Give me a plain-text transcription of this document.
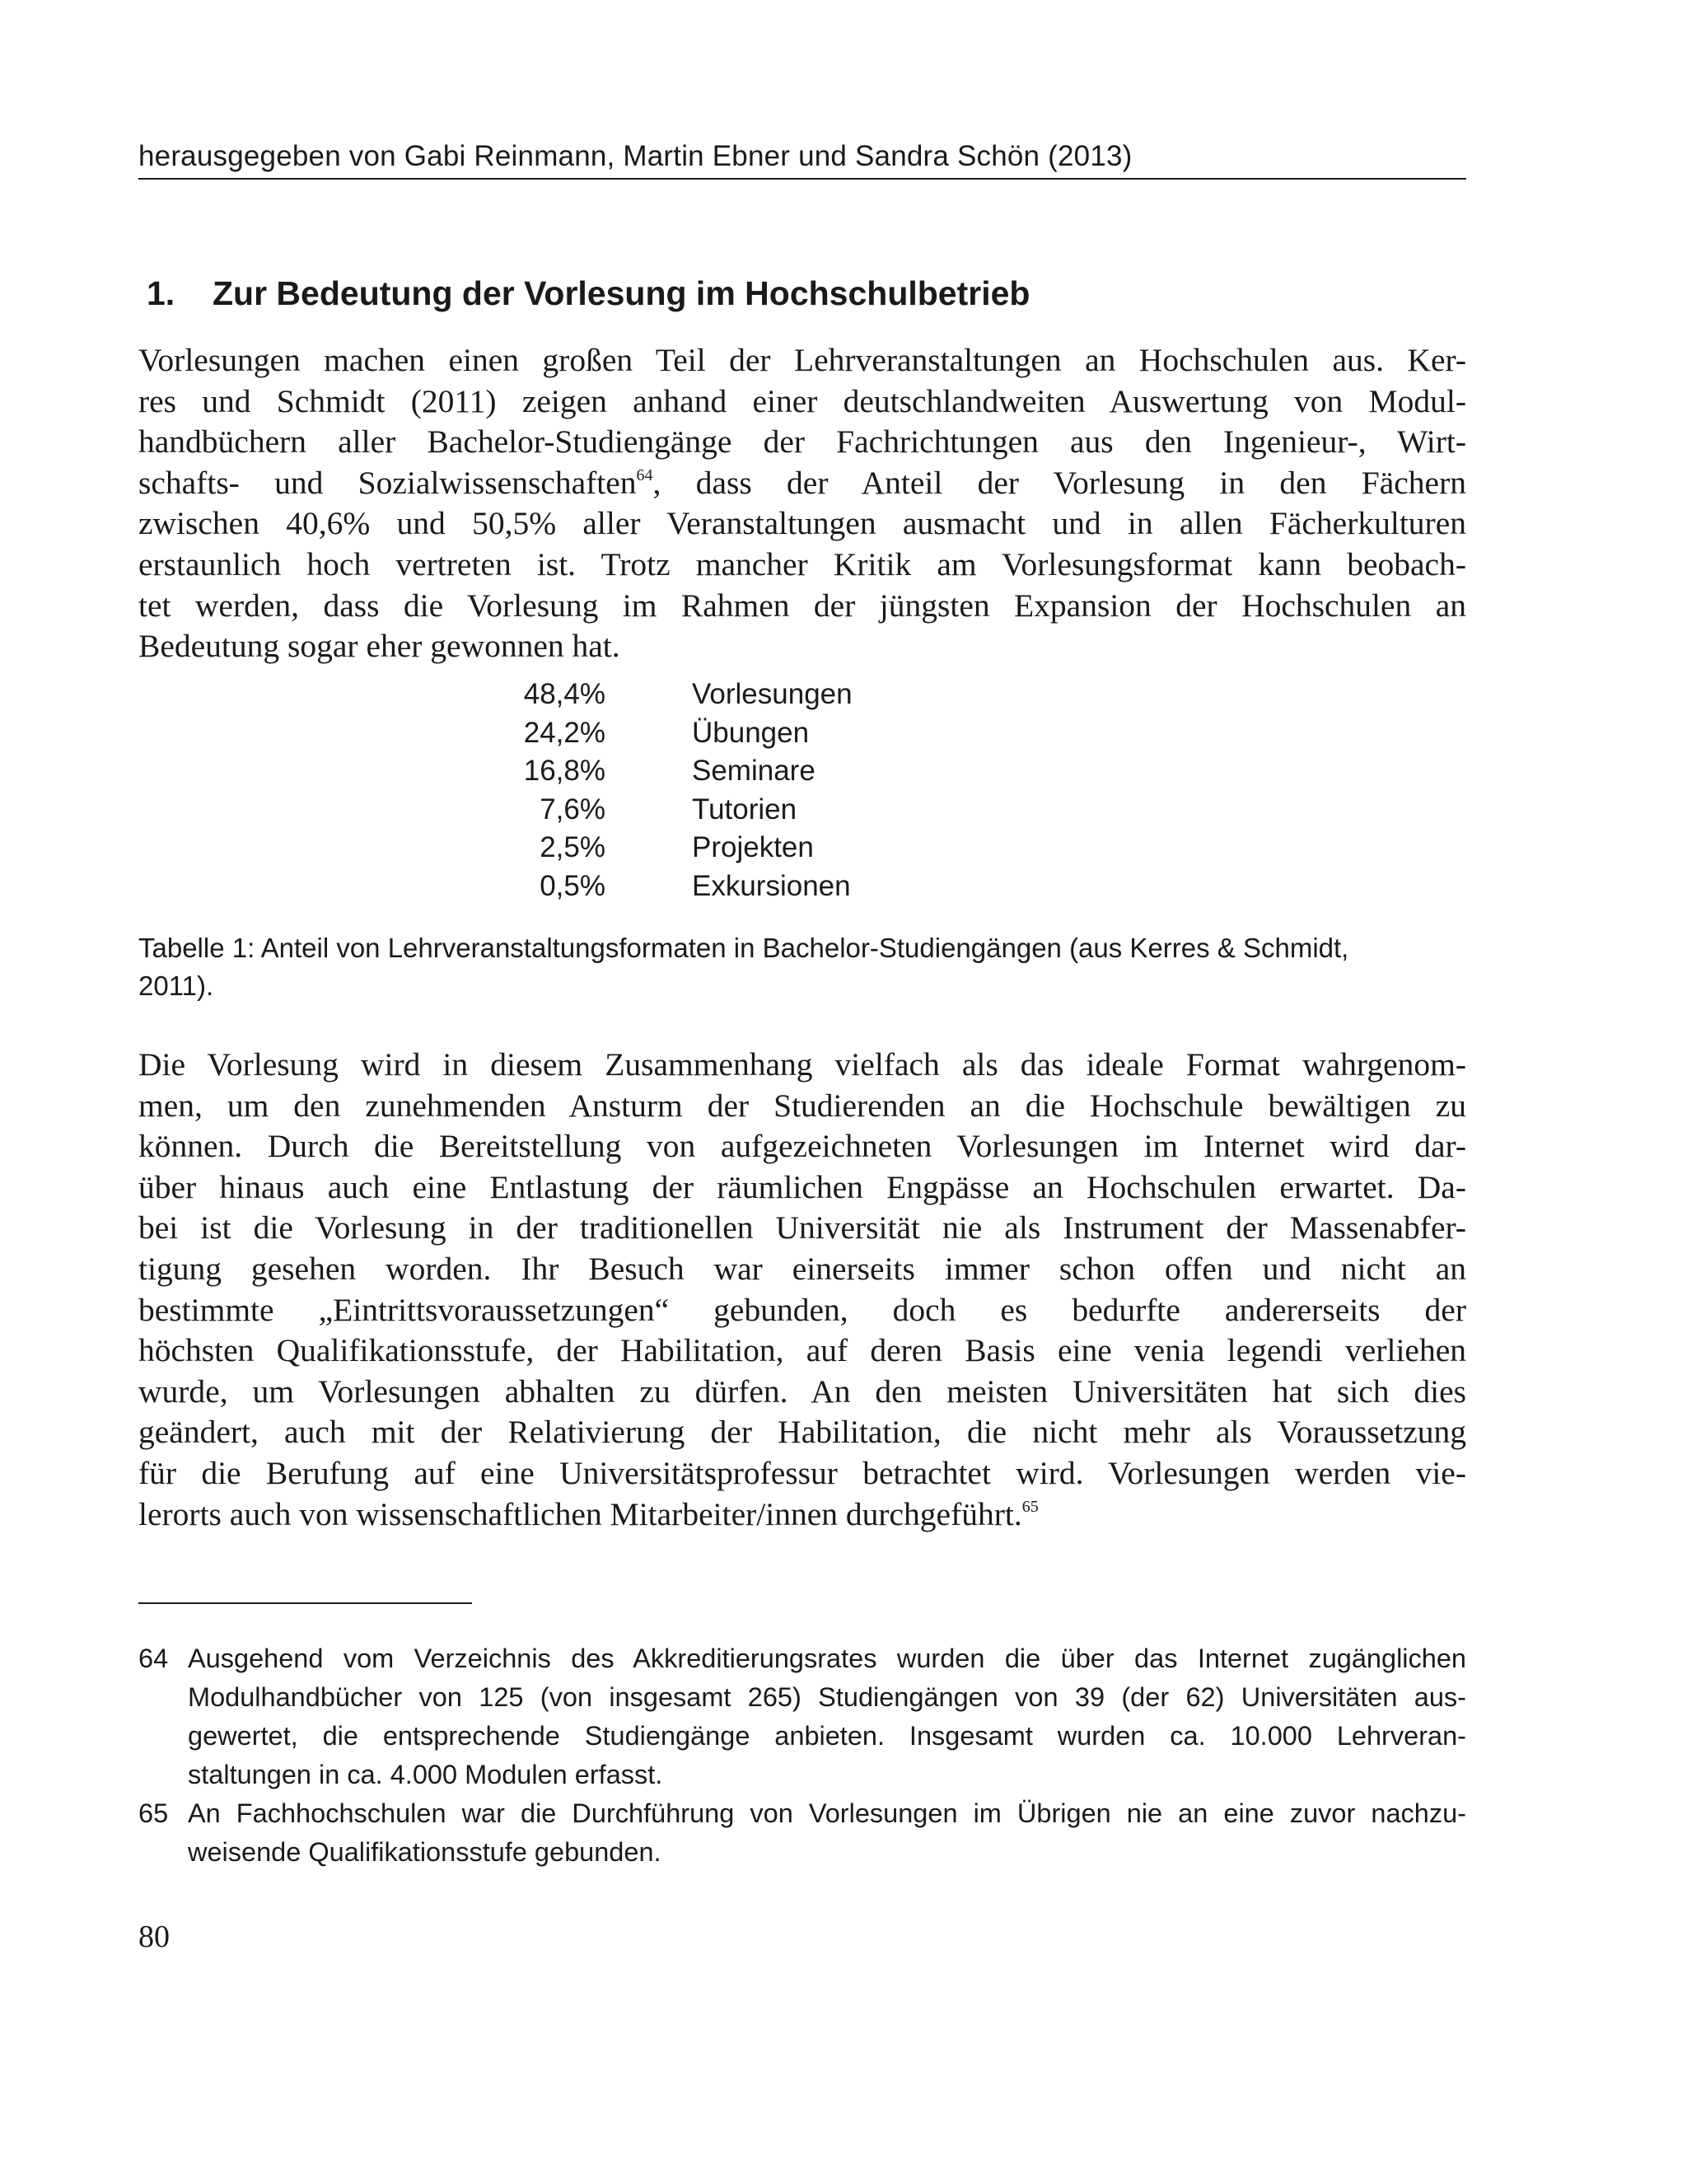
herausgegeben von Gabi Reinmann, Martin Ebner und Sandra Schön (2013)
1. Zur Bedeutung der Vorlesung im Hochschulbetrieb
Vorlesungen machen einen großen Teil der Lehrveranstaltungen an Hochschulen aus. Ker-
res und Schmidt (2011) zeigen anhand einer deutschlandweiten Auswertung von Modul-
handbüchern aller Bachelor-Studiengänge der Fachrichtungen aus den Ingenieur-, Wirt-
schafts- und Sozialwissenschaften$^{64}$, dass der Anteil der Vorlesung in den Fächern
zwischen 40,6% und 50,5% aller Veranstaltungen ausmacht und in allen Fächerkulturen
erstaunlich hoch vertreten ist. Trotz mancher Kritik am Vorlesungsformat kann beobach-
tet werden, dass die Vorlesung im Rahmen der jüngsten Expansion der Hochschulen an
Bedeutung sogar eher gewonnen hat.
48,4%	Vorlesungen
24,2%	Übungen
16,8%	Seminare
7,6%	Tutorien
2,5%	Projekten
0,5%	Exkursionen
Tabelle 1: Anteil von Lehrveranstaltungsformaten in Bachelor-Studiengängen (aus Kerres & Schmidt,
2011).
Die Vorlesung wird in diesem Zusammenhang vielfach als das ideale Format wahrgenom-
men, um den zunehmenden Ansturm der Studierenden an die Hochschule bewältigen zu
können. Durch die Bereitstellung von aufgezeichneten Vorlesungen im Internet wird dar-
über hinaus auch eine Entlastung der räumlichen Engpässe an Hochschulen erwartet. Da-
bei ist die Vorlesung in der traditionellen Universität nie als Instrument der Massenabfer-
tigung gesehen worden. Ihr Besuch war einerseits immer schon offen und nicht an
bestimmte „Eintrittsvoraussetzungen“ gebunden, doch es bedurfte andererseits der
höchsten Qualifikationsstufe, der Habilitation, auf deren Basis eine venia legendi verliehen
wurde, um Vorlesungen abhalten zu dürfen. An den meisten Universitäten hat sich dies
geändert, auch mit der Relativierung der Habilitation, die nicht mehr als Voraussetzung
für die Berufung auf eine Universitätsprofessur betrachtet wird. Vorlesungen werden vie-
lerorts auch von wissenschaftlichen Mitarbeiter/innen durchgeführt.$^{65}$
64 Ausgehend vom Verzeichnis des Akkreditierungsrates wurden die über das Internet zugänglichen
Modulhandbücher von 125 (von insgesamt 265) Studiengängen von 39 (der 62) Universitäten aus-
gewertet, die entsprechende Studiengänge anbieten. Insgesamt wurden ca. 10.000 Lehrveran-
staltungen in ca. 4.000 Modulen erfasst.
65 An Fachhochschulen war die Durchführung von Vorlesungen im Übrigen nie an eine zuvor nachzu-
weisende Qualifikationsstufe gebunden.
80
